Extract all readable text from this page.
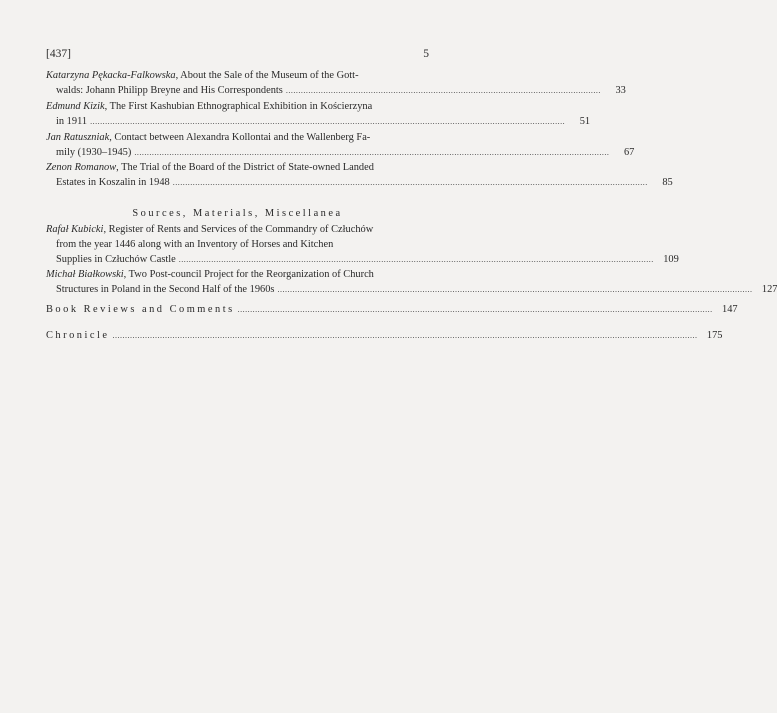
[437]	5
Katarzyna Pękacka-Falkowska, About the Sale of the Museum of the Gott-
walds: Johann Philipp Breyne and His Correspondents ..............................................................................................................................	33
Edmund Kizik, The First Kashubian Ethnographical Exhibition in Kościerzyna
in 1911 ..............................................................................................................................................................................................	51
Jan Ratuszniak, Contact between Alexandra Kollontai and the Wallenberg Fa-
mily (1930–1945) ..............................................................................................................................................................................................	67
Zenon Romanow, The Trial of the Board of the District of State-owned Landed
Estates in Koszalin in 1948 ..............................................................................................................................................................................................	85
Sources, Materials, Miscellanea
Rafał Kubicki, Register of Rents and Services of the Commandry of Człuchów
from the year 1446 along with an Inventory of Horses and Kitchen
Supplies in Człuchów Castle .............................................................................................................................................................................................. 109
Michał Białkowski, Two Post-council Project for the Reorganization of Church
Structures in Poland in the Second Half of the 1960s .............................................................................................................................................................................................. 127
Book Reviews and Comments .............................................................................................................................................................................................. 147
Chronicle .......................................................................................................................................................................................................................................... 175
